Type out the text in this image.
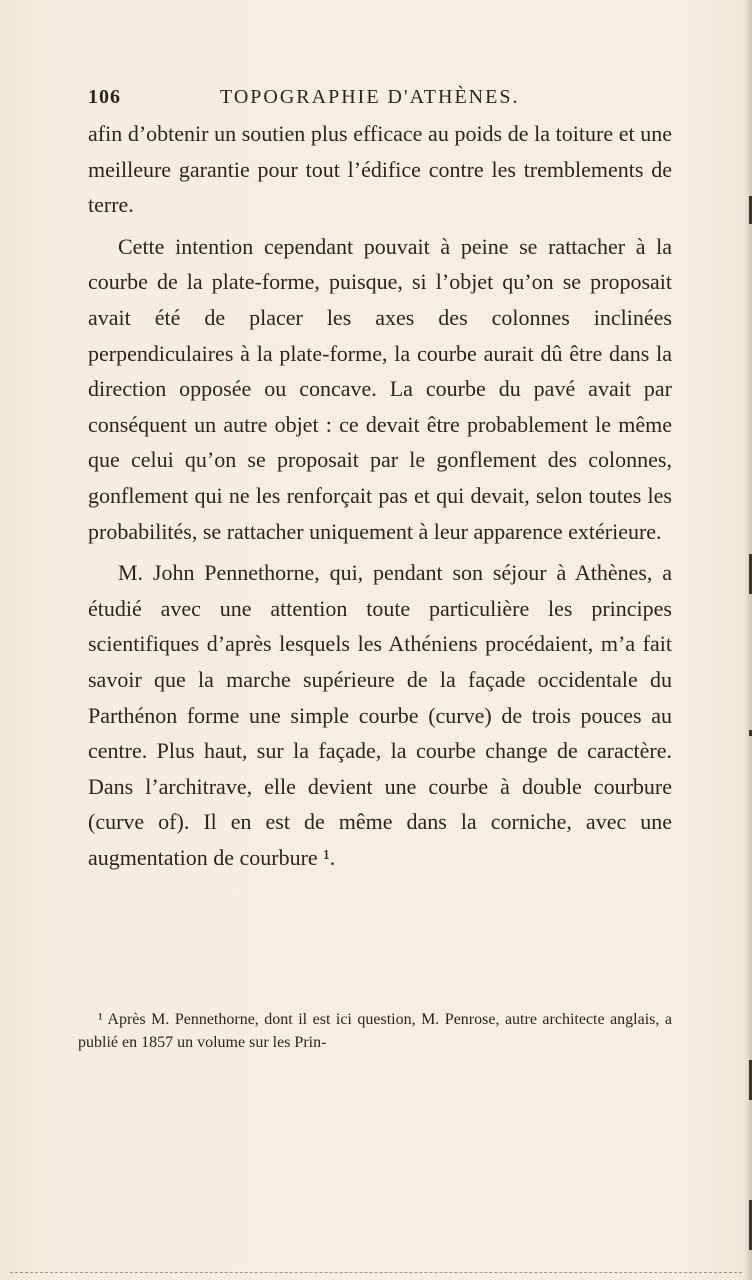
106	TOPOGRAPHIE D'ATHÈNES.

afin d’obtenir un soutien plus efficace au poids de la toiture et une meilleure garantie pour tout l’édifice contre les tremblements de terre.

Cette intention cependant pouvait à peine se rattacher à la courbe de la plate-forme, puisque, si l’objet qu’on se proposait avait été de placer les axes des colonnes inclinées perpendiculaires à la plate-forme, la courbe aurait dû être dans la direction opposée ou concave. La courbe du pavé avait par conséquent un autre objet : ce devait être probablement le même que celui qu’on se proposait par le gonflement des colonnes, gonflement qui ne les renforçait pas et qui devait, selon toutes les probabilités, se rattacher uniquement à leur apparence extérieure.

M. John Pennethorne, qui, pendant son séjour à Athènes, a étudié avec une attention toute particulière les principes scientifiques d’après lesquels les Athéniens procédaient, m’a fait savoir que la marche supérieure de la façade occidentale du Parthénon forme une simple courbe (curve) de trois pouces au centre. Plus haut, sur la façade, la courbe change de caractère. Dans l’architrave, elle devient une courbe à double courbure (curve of). Il en est de même dans la corniche, avec une augmentation de courbure ¹.

¹ Après M. Pennethorne, dont il est ici question, M. Penrose, autre architecte anglais, a publié en 1857 un volume sur les Prin-
